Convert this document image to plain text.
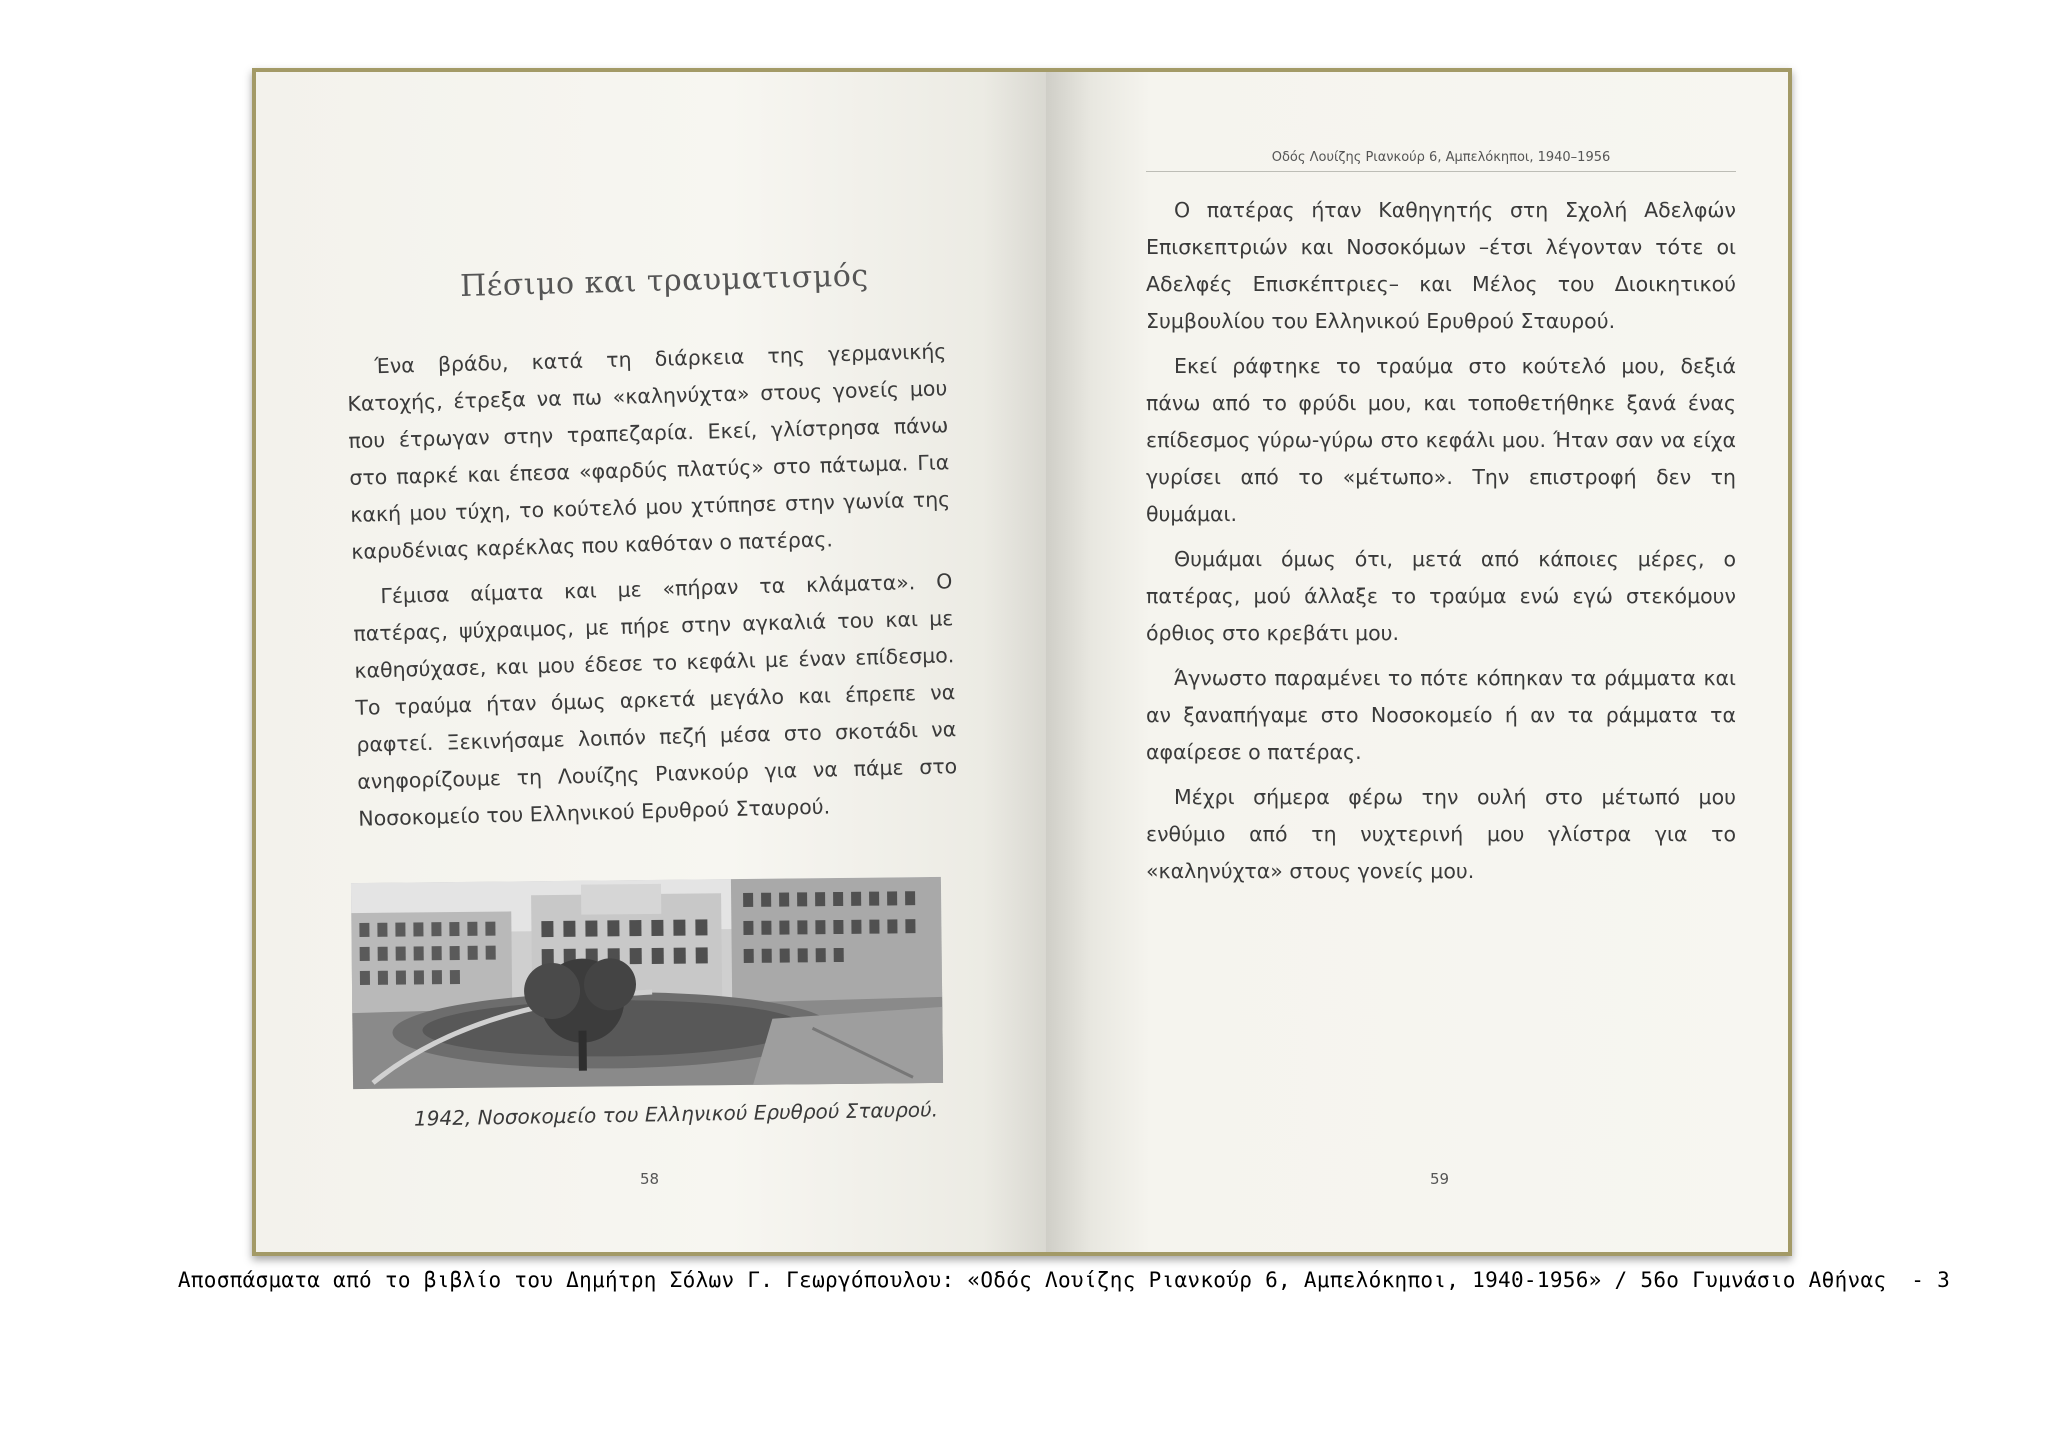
Πέσιμο και τραυματισμός

Ένα βράδυ, κατά τη διάρκεια της γερμανικής Κατοχής, έτρεξα να πω «καληνύχτα» στους γονείς μου που έτρωγαν στην τραπεζαρία. Εκεί, γλίστρησα πάνω στο παρκέ και έπεσα «φαρδύς πλατύς» στο πάτωμα. Για κακή μου τύχη, το κούτελό μου χτύπησε στην γωνία της καρυδένιας καρέκλας που καθόταν ο πατέρας.

Γέμισα αίματα και με «πήραν τα κλάματα». Ο πατέρας, ψύχραιμος, με πήρε στην αγκαλιά του και με καθησύχασε, και μου έδεσε το κεφάλι με έναν επίδεσμο. Το τραύμα ήταν όμως αρκετά μεγάλο και έπρεπε να ραφτεί. Ξεκινήσαμε λοιπόν πεζή μέσα στο σκοτάδι να ανηφορίζουμε τη Λουίζης Ριανκούρ για να πάμε στο Νοσοκομείο του Ελληνικού Ερυθρού Σταυρού.

1942, Νοσοκομείο του Ελληνικού Ερυθρού Σταυρού.
58
Οδός Λουίζης Ριανκούρ 6, Αμπελόκηποι, 1940–1956

Ο πατέρας ήταν Καθηγητής στη Σχολή Αδελφών Επισκεπτριών και Νοσοκόμων –έτσι λέγονταν τότε οι Αδελφές Επισκέπτριες– και Μέλος του Διοικητικού Συμβουλίου του Ελληνικού Ερυθρού Σταυρού.

Εκεί ράφτηκε το τραύμα στο κούτελό μου, δεξιά πάνω από το φρύδι μου, και τοποθετήθηκε ξανά ένας επίδεσμος γύρω-γύρω στο κεφάλι μου. Ήταν σαν να είχα γυρίσει από το «μέτωπο». Την επιστροφή δεν τη θυμάμαι.

Θυμάμαι όμως ότι, μετά από κάποιες μέρες, ο πατέρας, μού άλλαξε το τραύμα ενώ εγώ στεκόμουν όρθιος στο κρεβάτι μου.

Άγνωστο παραμένει το πότε κόπηκαν τα ράμματα και αν ξαναπήγαμε στο Νοσοκομείο ή αν τα ράμματα τα αφαίρεσε ο πατέρας.

Μέχρι σήμερα φέρω την ουλή στο μέτωπό μου ενθύμιο από τη νυχτερινή μου γλίστρα για το «καληνύχτα» στους γονείς μου.

59
Αποσπάσματα από το βιβλίο του Δημήτρη Σόλων Γ. Γεωργόπουλου: «Οδός Λουίζης Ριανκούρ 6, Αμπελόκηποι, 1940-1956» / 56ο Γυμνάσιο Αθήνας - 3
